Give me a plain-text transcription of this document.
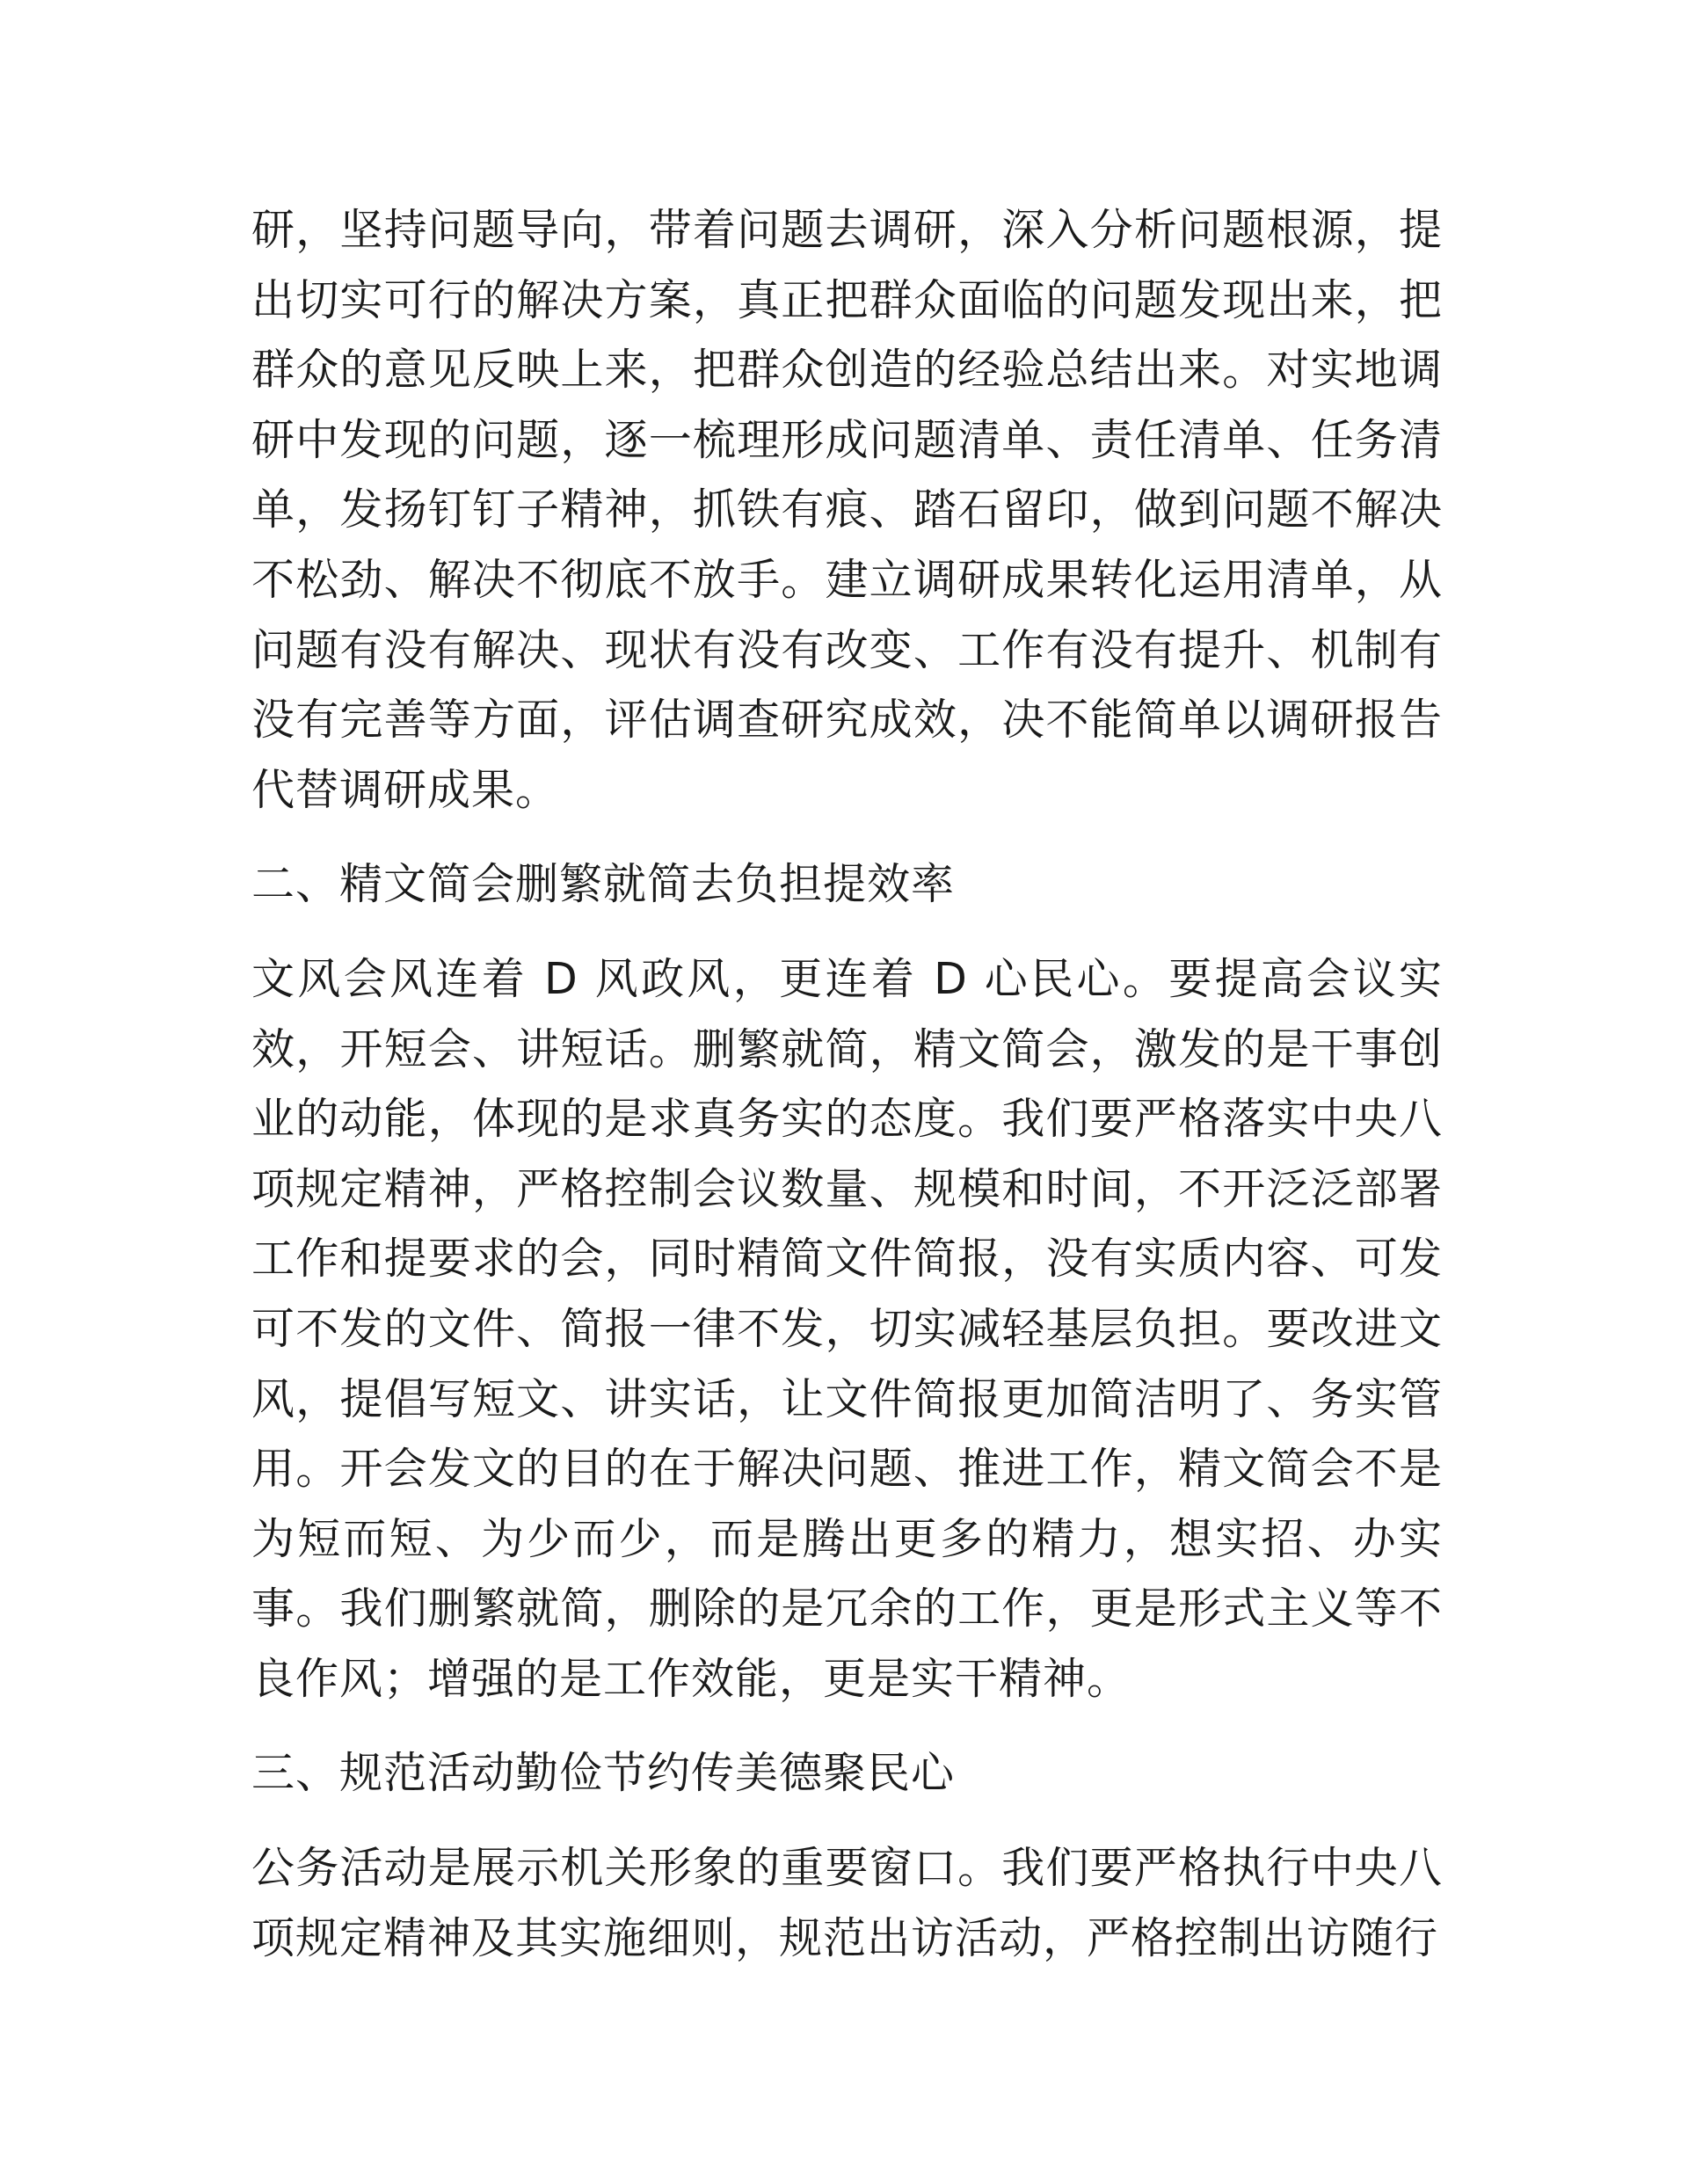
研，坚持问题导向，带着问题去调研，深入分析问题根源，提出切实可行的解决方案，真正把群众面临的问题发现出来，把群众的意见反映上来，把群众创造的经验总结出来。对实地调研中发现的问题，逐一梳理形成问题清单、责任清单、任务清单，发扬钉钉子精神，抓铁有痕、踏石留印，做到问题不解决不松劲、解决不彻底不放手。建立调研成果转化运用清单，从问题有没有解决、现状有没有改变、工作有没有提升、机制有没有完善等方面，评估调查研究成效，决不能简单以调研报告代替调研成果。

二、精文简会删繁就简去负担提效率

文风会风连着 D 风政风，更连着 D 心民心。要提高会议实效，开短会、讲短话。删繁就简，精文简会，激发的是干事创业的动能，体现的是求真务实的态度。我们要严格落实中央八项规定精神，严格控制会议数量、规模和时间，不开泛泛部署工作和提要求的会，同时精简文件简报，没有实质内容、可发可不发的文件、简报一律不发，切实减轻基层负担。要改进文风，提倡写短文、讲实话，让文件简报更加简洁明了、务实管用。开会发文的目的在于解决问题、推进工作，精文简会不是为短而短、为少而少，而是腾出更多的精力，想实招、办实事。我们删繁就简，删除的是冗余的工作，更是形式主义等不良作风；增强的是工作效能，更是实干精神。

三、规范活动勤俭节约传美德聚民心

公务活动是展示机关形象的重要窗口。我们要严格执行中央八项规定精神及其实施细则，规范出访活动，严格控制出访随行
